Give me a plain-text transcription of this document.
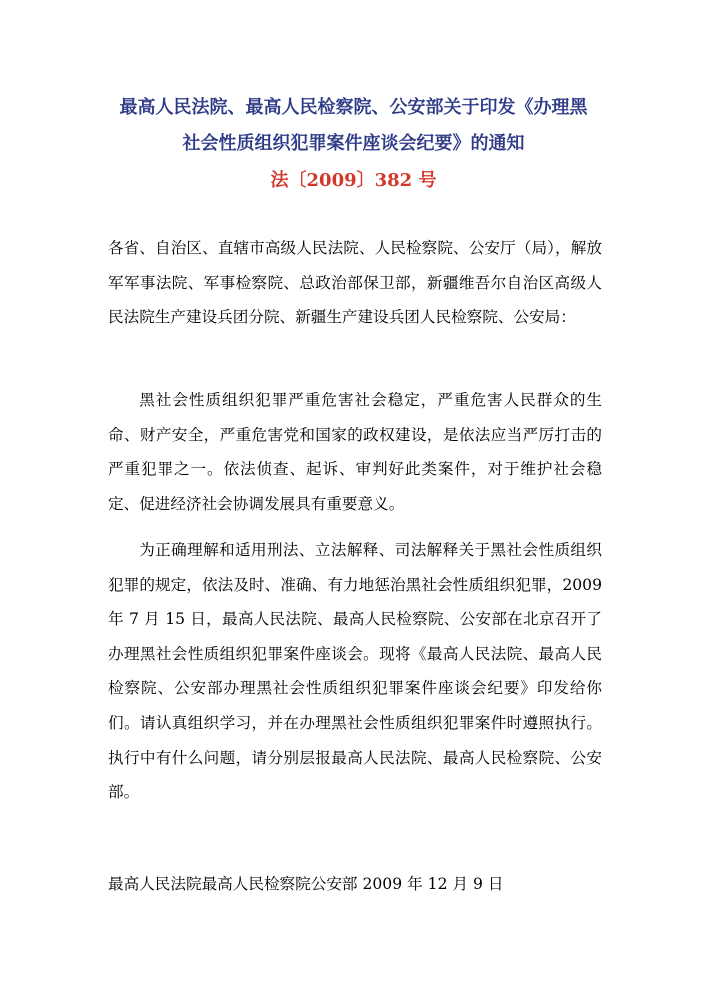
最高人民法院、最高人民检察院、公安部关于印发《办理黑
社会性质组织犯罪案件座谈会纪要》的通知
法〔2009〕382 号

各省、自治区、直辖市高级人民法院、人民检察院、公安厅（局），解放军军事法院、军事检察院、总政治部保卫部，新疆维吾尔自治区高级人民法院生产建设兵团分院、新疆生产建设兵团人民检察院、公安局：

黑社会性质组织犯罪严重危害社会稳定，严重危害人民群众的生命、财产安全，严重危害党和国家的政权建设，是依法应当严厉打击的严重犯罪之一。依法侦查、起诉、审判好此类案件，对于维护社会稳定、促进经济社会协调发展具有重要意义。

为正确理解和适用刑法、立法解释、司法解释关于黑社会性质组织犯罪的规定，依法及时、准确、有力地惩治黑社会性质组织犯罪，2009 年 7 月 15 日，最高人民法院、最高人民检察院、公安部在北京召开了办理黑社会性质组织犯罪案件座谈会。现将《最高人民法院、最高人民检察院、公安部办理黑社会性质组织犯罪案件座谈会纪要》印发给你们。请认真组织学习，并在办理黑社会性质组织犯罪案件时遵照执行。执行中有什么问题，请分别层报最高人民法院、最高人民检察院、公安部。

最高人民法院最高人民检察院公安部 2009 年 12 月 9 日
